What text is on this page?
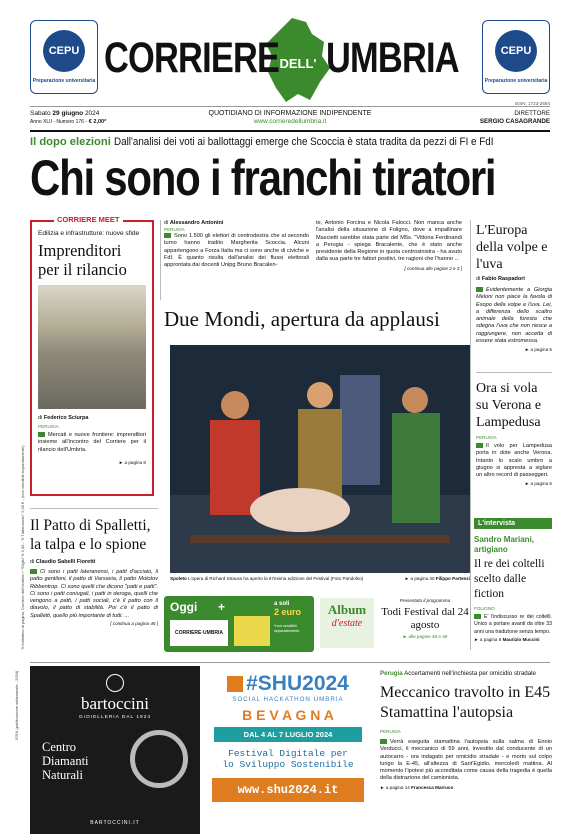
CEPU
Preparazione universitaria
CEPU
Preparazione universitaria
CORRIERE DELL' UMBRIA
ISSN: 1723-2694
Sabato 29 giugno 2024
Anno XLII - Numero 176 - € 2,00*
QUOTIDIANO DI INFORMAZIONE INDIPENDENTE
www.corrieredellumbria.it
DIRETTORE
SERGIO CASAGRANDE
Il dopo elezioni Dall'analisi dei voti ai ballottaggi emerge che Scoccia è stata tradita da pezzi di FI e FdI
Chi sono i franchi tiratori
CORRIERE MEET
Edilizia e infrastrutture: nuove sfide
Imprenditori per il rilancio
di Federico Sciurpa
PERUGIA
Mercati e nuove frontiere: imprenditori insieme all'incontro del Corriere per il rilancio dell'Umbria.
► a pagina 8
di Alessandro Antonini
PERUGIA
Sono 1.500 gli elettori di centrodestra che al secondo turno hanno tradito Margherita Scoccia. Alcuni appartengono a Forza Italia ma ci sono anche di civiche e FdI. È quanto risulta dall'analisi dei flussi elettorali approntata dai docenti Unipg Bruno Bracalen-
te, Antonio Forcina e Nicola Falocci. Non manca anche l'analisi della situazione di Foligno, dove a impallinare Mascietti sarebbe stata parte del M5s. "Vittoria Ferdinandi a Perugia - spiega Bracalente, che è stato anche presidente della Regione in quota centrosinistra - ha avuto dalla sua parte tre fattori positivi, tre ragioni che l'hanno ...
[ continua alle pagine 2 e 3 ]
L'Europa della volpe e l'uva
di Fabio Raspadori
Evidentemente a Giorgia Meloni non piace la favola di Esopo della volpe e l'uva. Lei, a differenza dello scaltro animale della foresta che sdegna l'uva che non riesce a raggiungere, non accetta di essere stata estromessa.
► a pagina 5
Ora si vola su Verona e Lampedusa
PERUGIA
Il volo per Lampedusa porta in dote anche Verona. Intanto lo scalo umbro a giugno si appresta a siglare un altro record di passeggeri.
► a pagina 5
L'intervista
Sandro Mariani, artigiano
Il re dei coltelli scelto dalle fiction
FOLIGNO
E' l'indiscusso re dei coltelli. Unico a portare avanti da oltre 33 anni una tradizione senza tempo.
► a pagina 8 Maurizio Muccini
Due Mondi, apertura da applausi
Spoleto L'opera di Richard Strauss ha aperto la 67esima edizione del Festival (Foto Pandolso)	► a pagina 30 Filippo Partenzi
Il Patto di Spalletti, la talpa e lo spione
di Claudio Sabelli Fioretti
Ci sono i patti lateranensi, i patti d'acciaio, il patto gentiloni, il patto di Varsavia, il patto Molotov Ribbentrop. Ci sono quelli che dicono "patti e patti". Ci sono i patti coniugali, i patti in deroga, quelli che vengono a patti, i patti sociali, c'è il patto con il diavolo, il patto di stabilità. Poi c'è il patto di Spalletti, quello più importante di tutti. ...
[ continua a pagina 46 ]
"Il bollettino di pagina, Corriere dell'Umbria + "Giglio" € 2,00 - "Il Tuttomondo" 2,00 € - (non vendibili separatamente)
ISSN (publicazione settimanale - 2004)
Oggi +
CORRIERE·UMBRIA
a soli
2 euro
*non vendibili separatamente
Album
d'estate
Presentato il programma
Todi Festival dal 24 agosto
► alle pagine 48 e 49
bartoccini
GIOIELLERIA DAL 1924
Centro
Diamanti
Naturali
BARTOCCINI.IT
#SHU2024
SOCIAL HACKATHON UMBRIA
B E V A G N A
DAL 4 AL 7 LUGLIO 2024
Festival Digitale per
lo Sviluppo Sostenibile
www.shu2024.it
Perugia Accertamenti nell'inchiesta per omicidio stradale
Meccanico travolto in E45 Stamattina l'autopsia
PERUGIA
Verrà eseguita stamattina l'autopsia sulla salma di Ennio Verducci, il meccanico di 59 anni, investito dal conducente di un autocarro - ora indagato per omicidio stradale - e morto sul colpo lungo la E-45, all'altezza di Sant'Egidio, mercoledì mattina. Al momento l'ipotesi più accreditata come causa della tragedia è quella della distrazione del camionista.
► a pagina 14 Francesca Marruco
